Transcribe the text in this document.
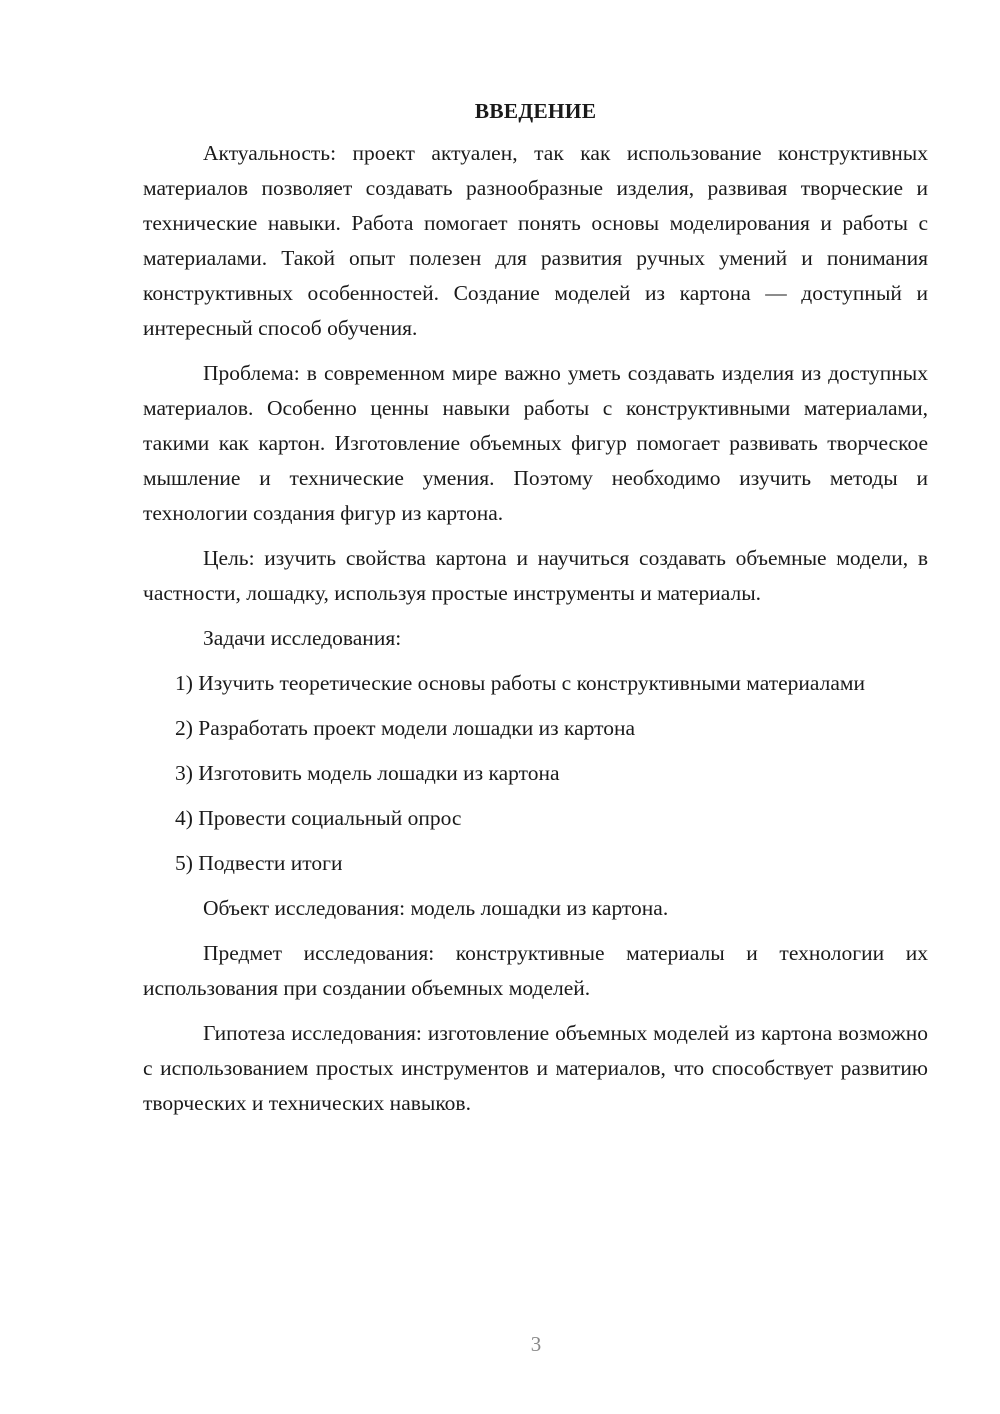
ВВЕДЕНИЕ
Актуальность: проект актуален, так как использование конструктивных материалов позволяет создавать разнообразные изделия, развивая творческие и технические навыки. Работа помогает понять основы моделирования и работы с материалами. Такой опыт полезен для развития ручных умений и понимания конструктивных особенностей. Создание моделей из картона — доступный и интересный способ обучения.
Проблема: в современном мире важно уметь создавать изделия из доступных материалов. Особенно ценны навыки работы с конструктивными материалами, такими как картон. Изготовление объемных фигур помогает развивать творческое мышление и технические умения. Поэтому необходимо изучить методы и технологии создания фигур из картона.
Цель: изучить свойства картона и научиться создавать объемные модели, в частности, лошадку, используя простые инструменты и материалы.
Задачи исследования:
1) Изучить теоретические основы работы с конструктивными материалами
2) Разработать проект модели лошадки из картона
3) Изготовить модель лошадки из картона
4) Провести социальный опрос
5) Подвести итоги
Объект исследования: модель лошадки из картона.
Предмет исследования: конструктивные материалы и технологии их использования при создании объемных моделей.
Гипотеза исследования: изготовление объемных моделей из картона возможно с использованием простых инструментов и материалов, что способствует развитию творческих и технических навыков.
3
